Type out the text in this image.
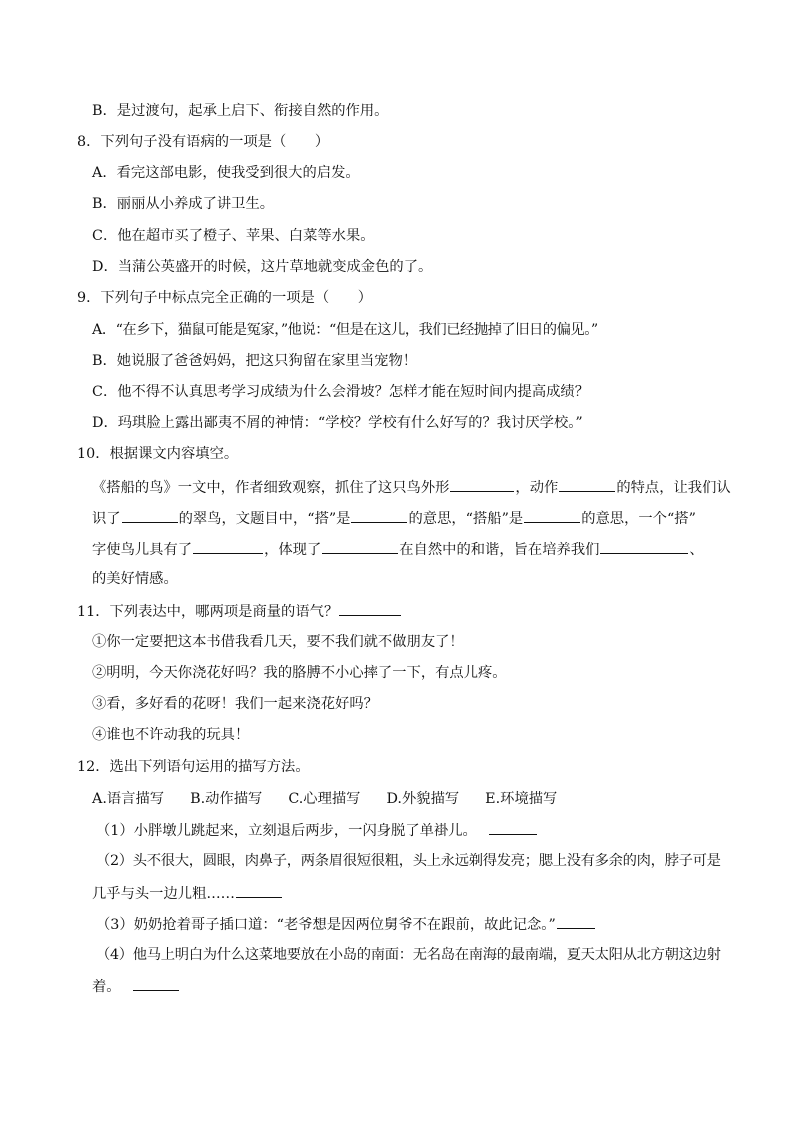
B．是过渡句，起承上启下、衔接自然的作用。
8．下列句子没有语病的一项是（　　）
A．看完这部电影，使我受到很大的启发。
B．丽丽从小养成了讲卫生。
C．他在超市买了橙子、苹果、白菜等水果。
D．当蒲公英盛开的时候，这片草地就变成金色的了。
9．下列句子中标点完全正确的一项是（　　）
A．“在乡下，猫鼠可能是冤家，”他说：“但是在这儿，我们已经抛掉了旧日的偏见。”
B．她说服了爸爸妈妈，把这只狗留在家里当宠物！
C．他不得不认真思考学习成绩为什么会滑坡？怎样才能在短时间内提高成绩？
D．玛琪脸上露出鄙夷不屑的神情：“学校？学校有什么好写的？我讨厌学校。”
10．根据课文内容填空。
《搭船的鸟》一文中，作者细致观察，抓住了这只鸟外形	，动作	的特点，让我们认
识了	的翠鸟，文题目中，“搭”是	的意思，“搭船”是	的意思，一个“搭”
字使鸟儿具有了	，体现了	在自然中的和谐，旨在培养我们	、
的美好情感。
11．下列表达中，哪两项是商量的语气？
①你一定要把这本书借我看几天，要不我们就不做朋友了！
②明明，今天你浇花好吗？我的胳膊不小心摔了一下，有点儿疼。
③看，多好看的花呀！我们一起来浇花好吗？
④谁也不许动我的玩具！
12．选出下列语句运用的描写方法。
A.语言描写 B.动作描写 C.心理描写 D.外貌描写 E.环境描写
（1）小胖墩儿跳起来，立刻退后两步，一闪身脱了单褂儿。
（2）头不很大，圆眼，肉鼻子，两条眉很短很粗，头上永远剃得发亮；腮上没有多余的肉，脖子可是
几乎与头一边儿粗……
（3）奶奶抢着哥子插口道：“老爷想是因两位舅爷不在跟前，故此记念。”
（4）他马上明白为什么这菜地要放在小岛的南面：无名岛在南海的最南端，夏天太阳从北方朝这边射
着。
